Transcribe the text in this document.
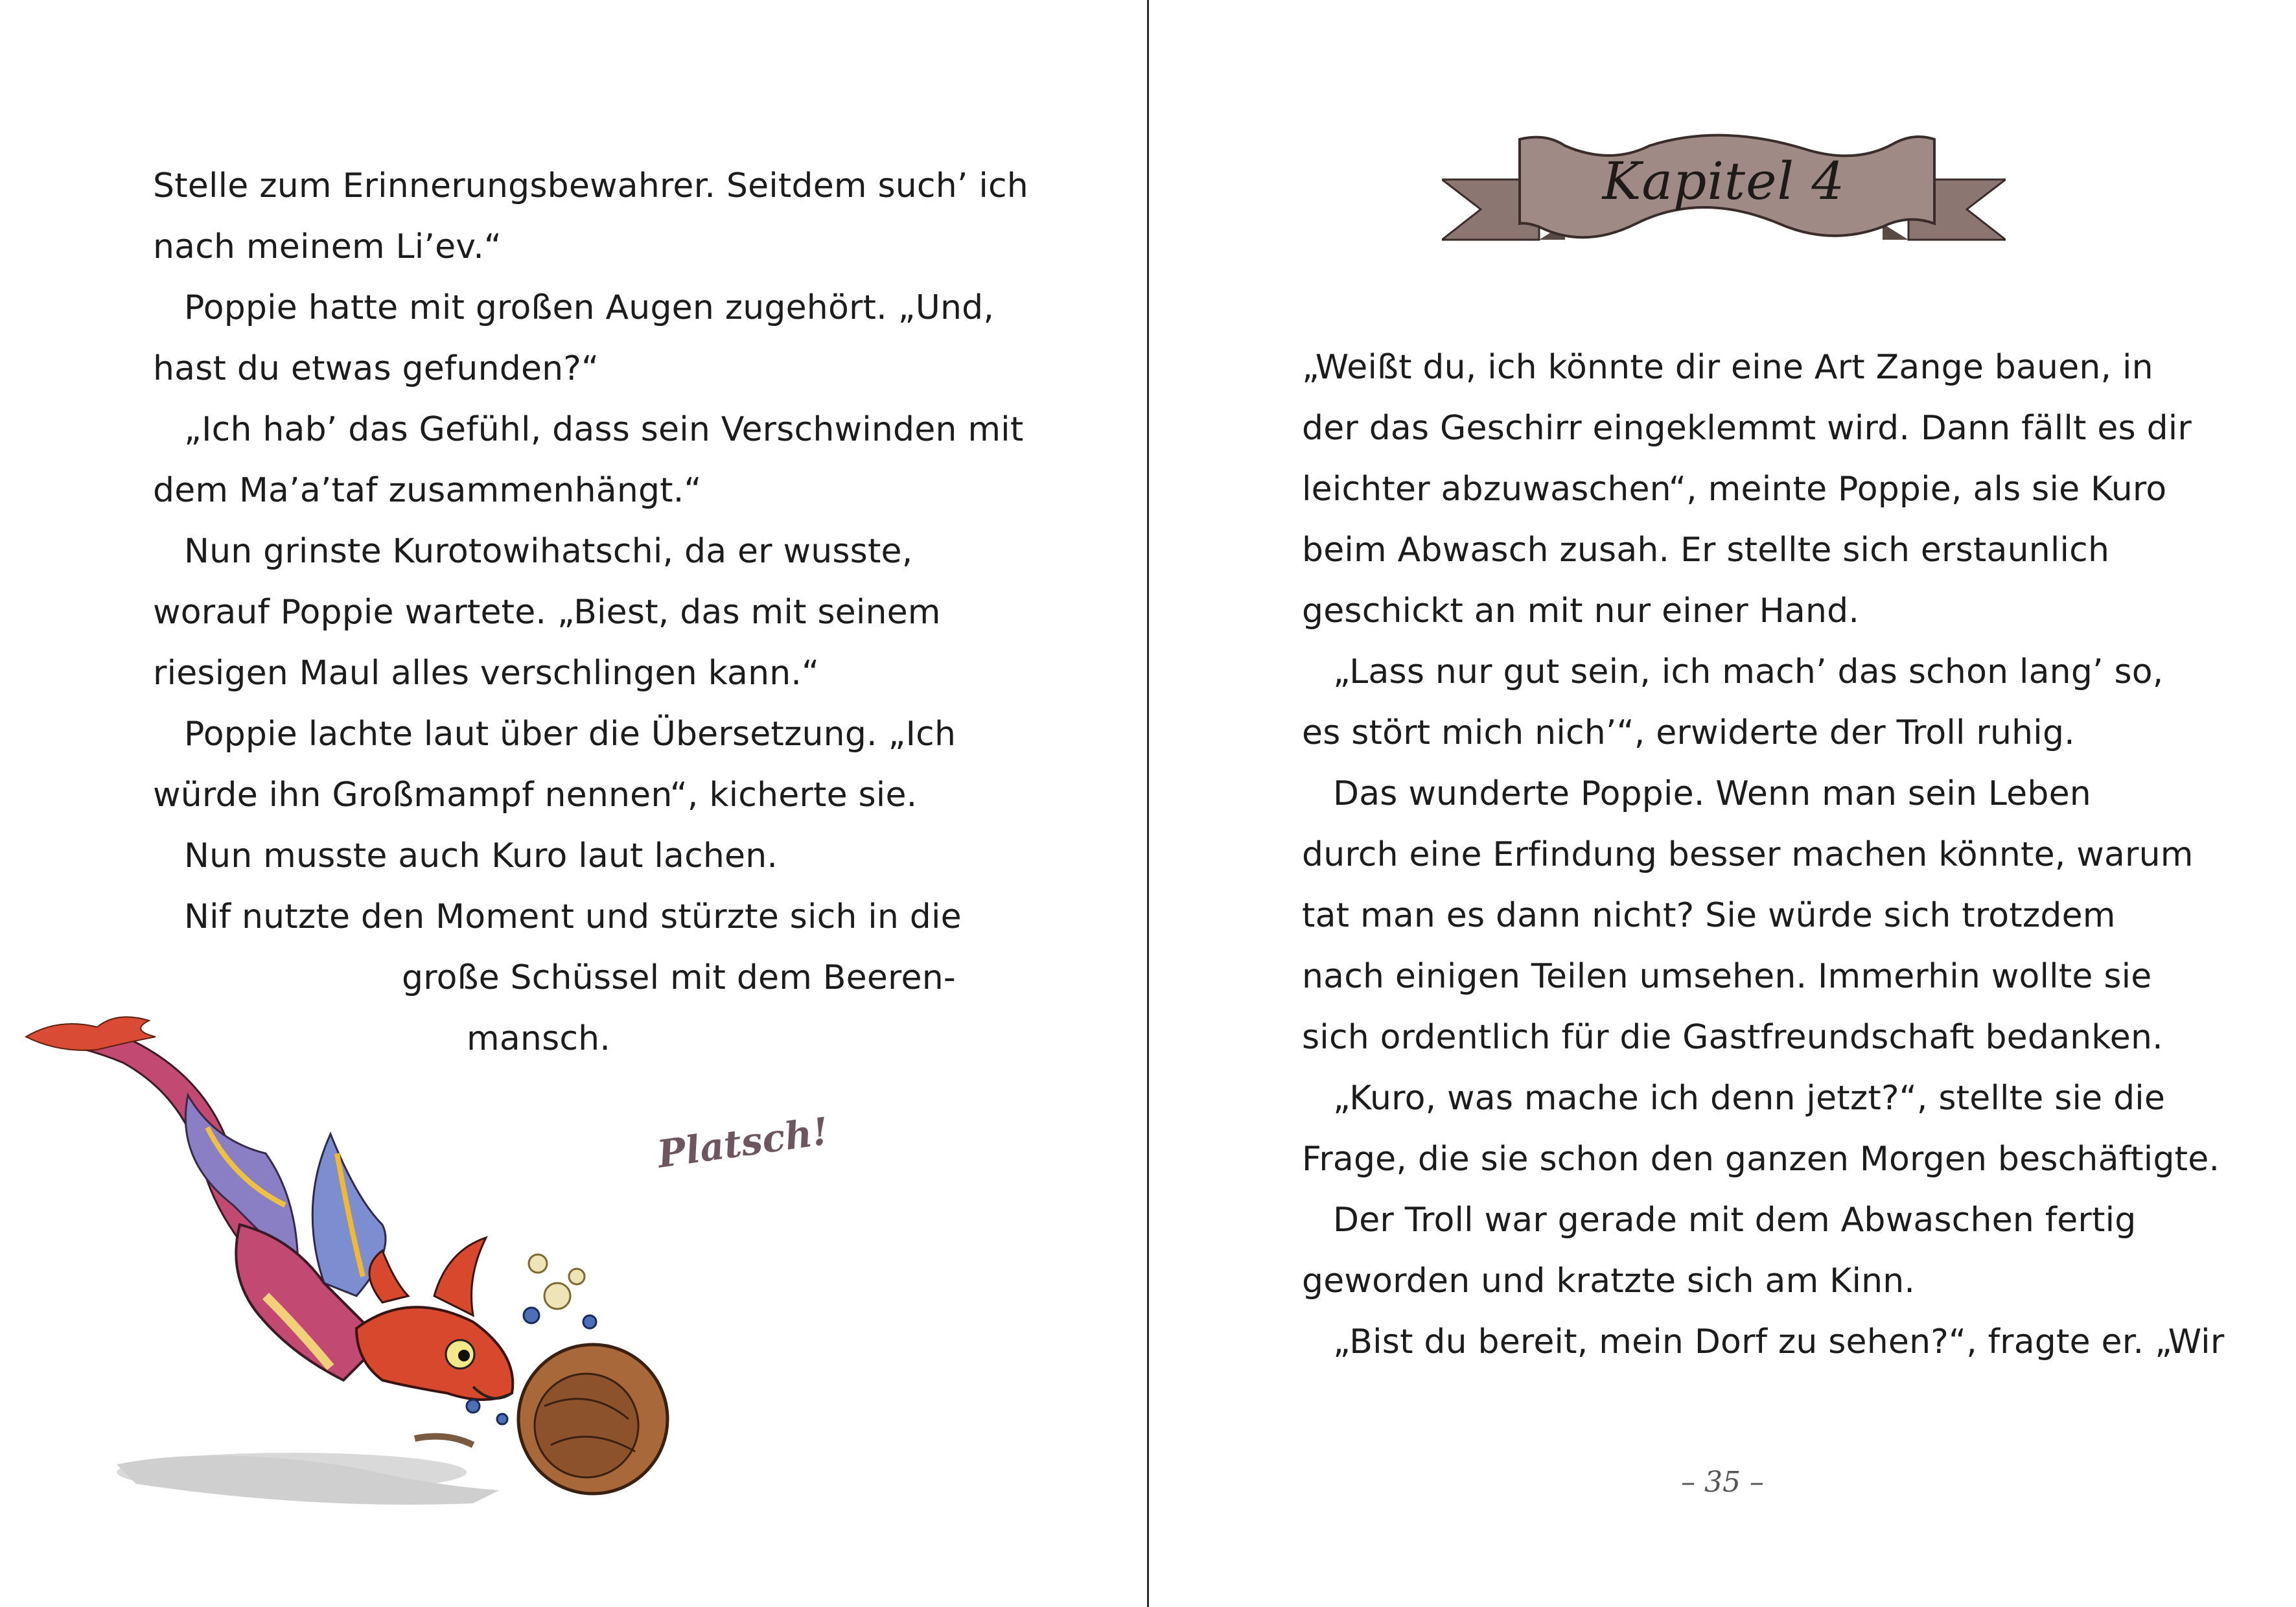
Stelle zum Erinnerungsbewahrer. Seitdem such’ ich
nach meinem Li’ev.“
Poppie hatte mit großen Augen zugehört. „Und,
hast du etwas gefunden?“
„Ich hab’ das Gefühl, dass sein Verschwinden mit
dem Ma’a’taf zusammenhängt.“
Nun grinste Kurotowihatschi, da er wusste,
worauf Poppie wartete. „Biest, das mit seinem
riesigen Maul alles verschlingen kann.“
Poppie lachte laut über die Übersetzung. „Ich
würde ihn Großmampf nennen“, kicherte sie.
Nun musste auch Kuro laut lachen.
Nif nutzte den Moment und stürzte sich in die
große Schüssel mit dem Beeren-
mansch.
Platsch!
Kapitel 4
„Weißt du, ich könnte dir eine Art Zange bauen, in
der das Geschirr eingeklemmt wird. Dann fällt es dir
leichter abzuwaschen“, meinte Poppie, als sie Kuro
beim Abwasch zusah. Er stellte sich erstaunlich
geschickt an mit nur einer Hand.
„Lass nur gut sein, ich mach’ das schon lang’ so,
es stört mich nich’“, erwiderte der Troll ruhig.
Das wunderte Poppie. Wenn man sein Leben
durch eine Erfindung besser machen könnte, warum
tat man es dann nicht? Sie würde sich trotzdem
nach einigen Teilen umsehen. Immerhin wollte sie
sich ordentlich für die Gastfreundschaft bedanken.
„Kuro, was mache ich denn jetzt?“, stellte sie die
Frage, die sie schon den ganzen Morgen beschäftigte.
Der Troll war gerade mit dem Abwaschen fertig
geworden und kratzte sich am Kinn.
„Bist du bereit, mein Dorf zu sehen?“, fragte er. „Wir
– 35 –
